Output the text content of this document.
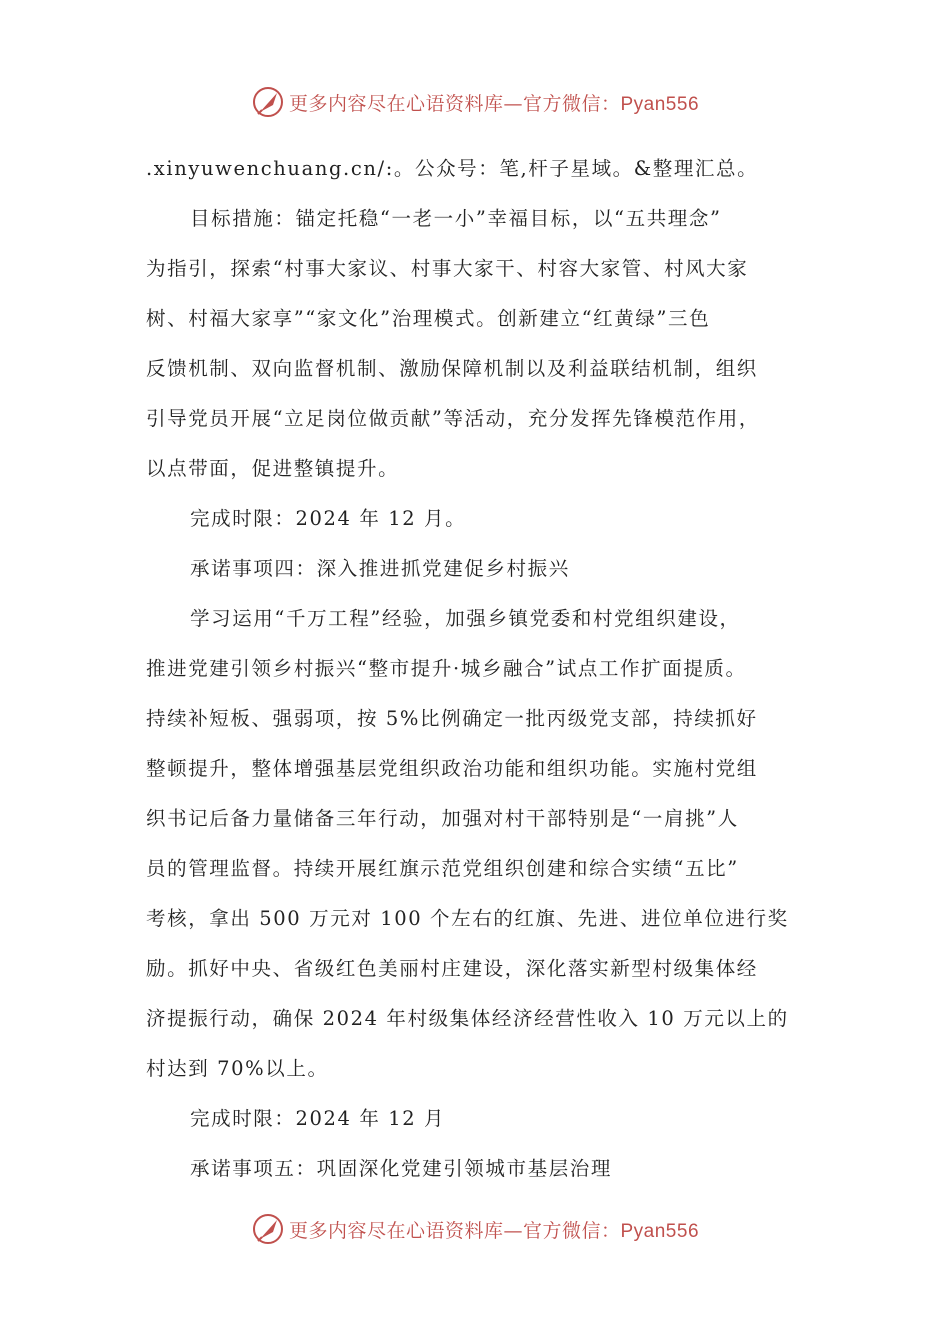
更多内容尽在心语资料库—官方微信：Pyan556
.xinyuwenchuang.cn/:。公众号：笔,杆子星域。&整理汇总。
目标措施：锚定托稳“一老一小”幸福目标，以“五共理念”
为指引，探索“村事大家议、村事大家干、村容大家管、村风大家
树、村福大家享”“家文化”治理模式。创新建立“红黄绿”三色
反馈机制、双向监督机制、激励保障机制以及利益联结机制，组织
引导党员开展“立足岗位做贡献”等活动，充分发挥先锋模范作用，
以点带面，促进整镇提升。
完成时限：2024 年 12 月。
承诺事项四：深入推进抓党建促乡村振兴
学习运用“千万工程”经验，加强乡镇党委和村党组织建设，
推进党建引领乡村振兴“整市提升·城乡融合”试点工作扩面提质。
持续补短板、强弱项，按 5%比例确定一批丙级党支部，持续抓好
整顿提升，整体增强基层党组织政治功能和组织功能。实施村党组
织书记后备力量储备三年行动，加强对村干部特别是“一肩挑”人
员的管理监督。持续开展红旗示范党组织创建和综合实绩“五比”
考核，拿出 500 万元对 100 个左右的红旗、先进、进位单位进行奖
励。抓好中央、省级红色美丽村庄建设，深化落实新型村级集体经
济提振行动，确保 2024 年村级集体经济经营性收入 10 万元以上的
村达到 70%以上。
完成时限：2024 年 12 月
承诺事项五：巩固深化党建引领城市基层治理
更多内容尽在心语资料库—官方微信：Pyan556
